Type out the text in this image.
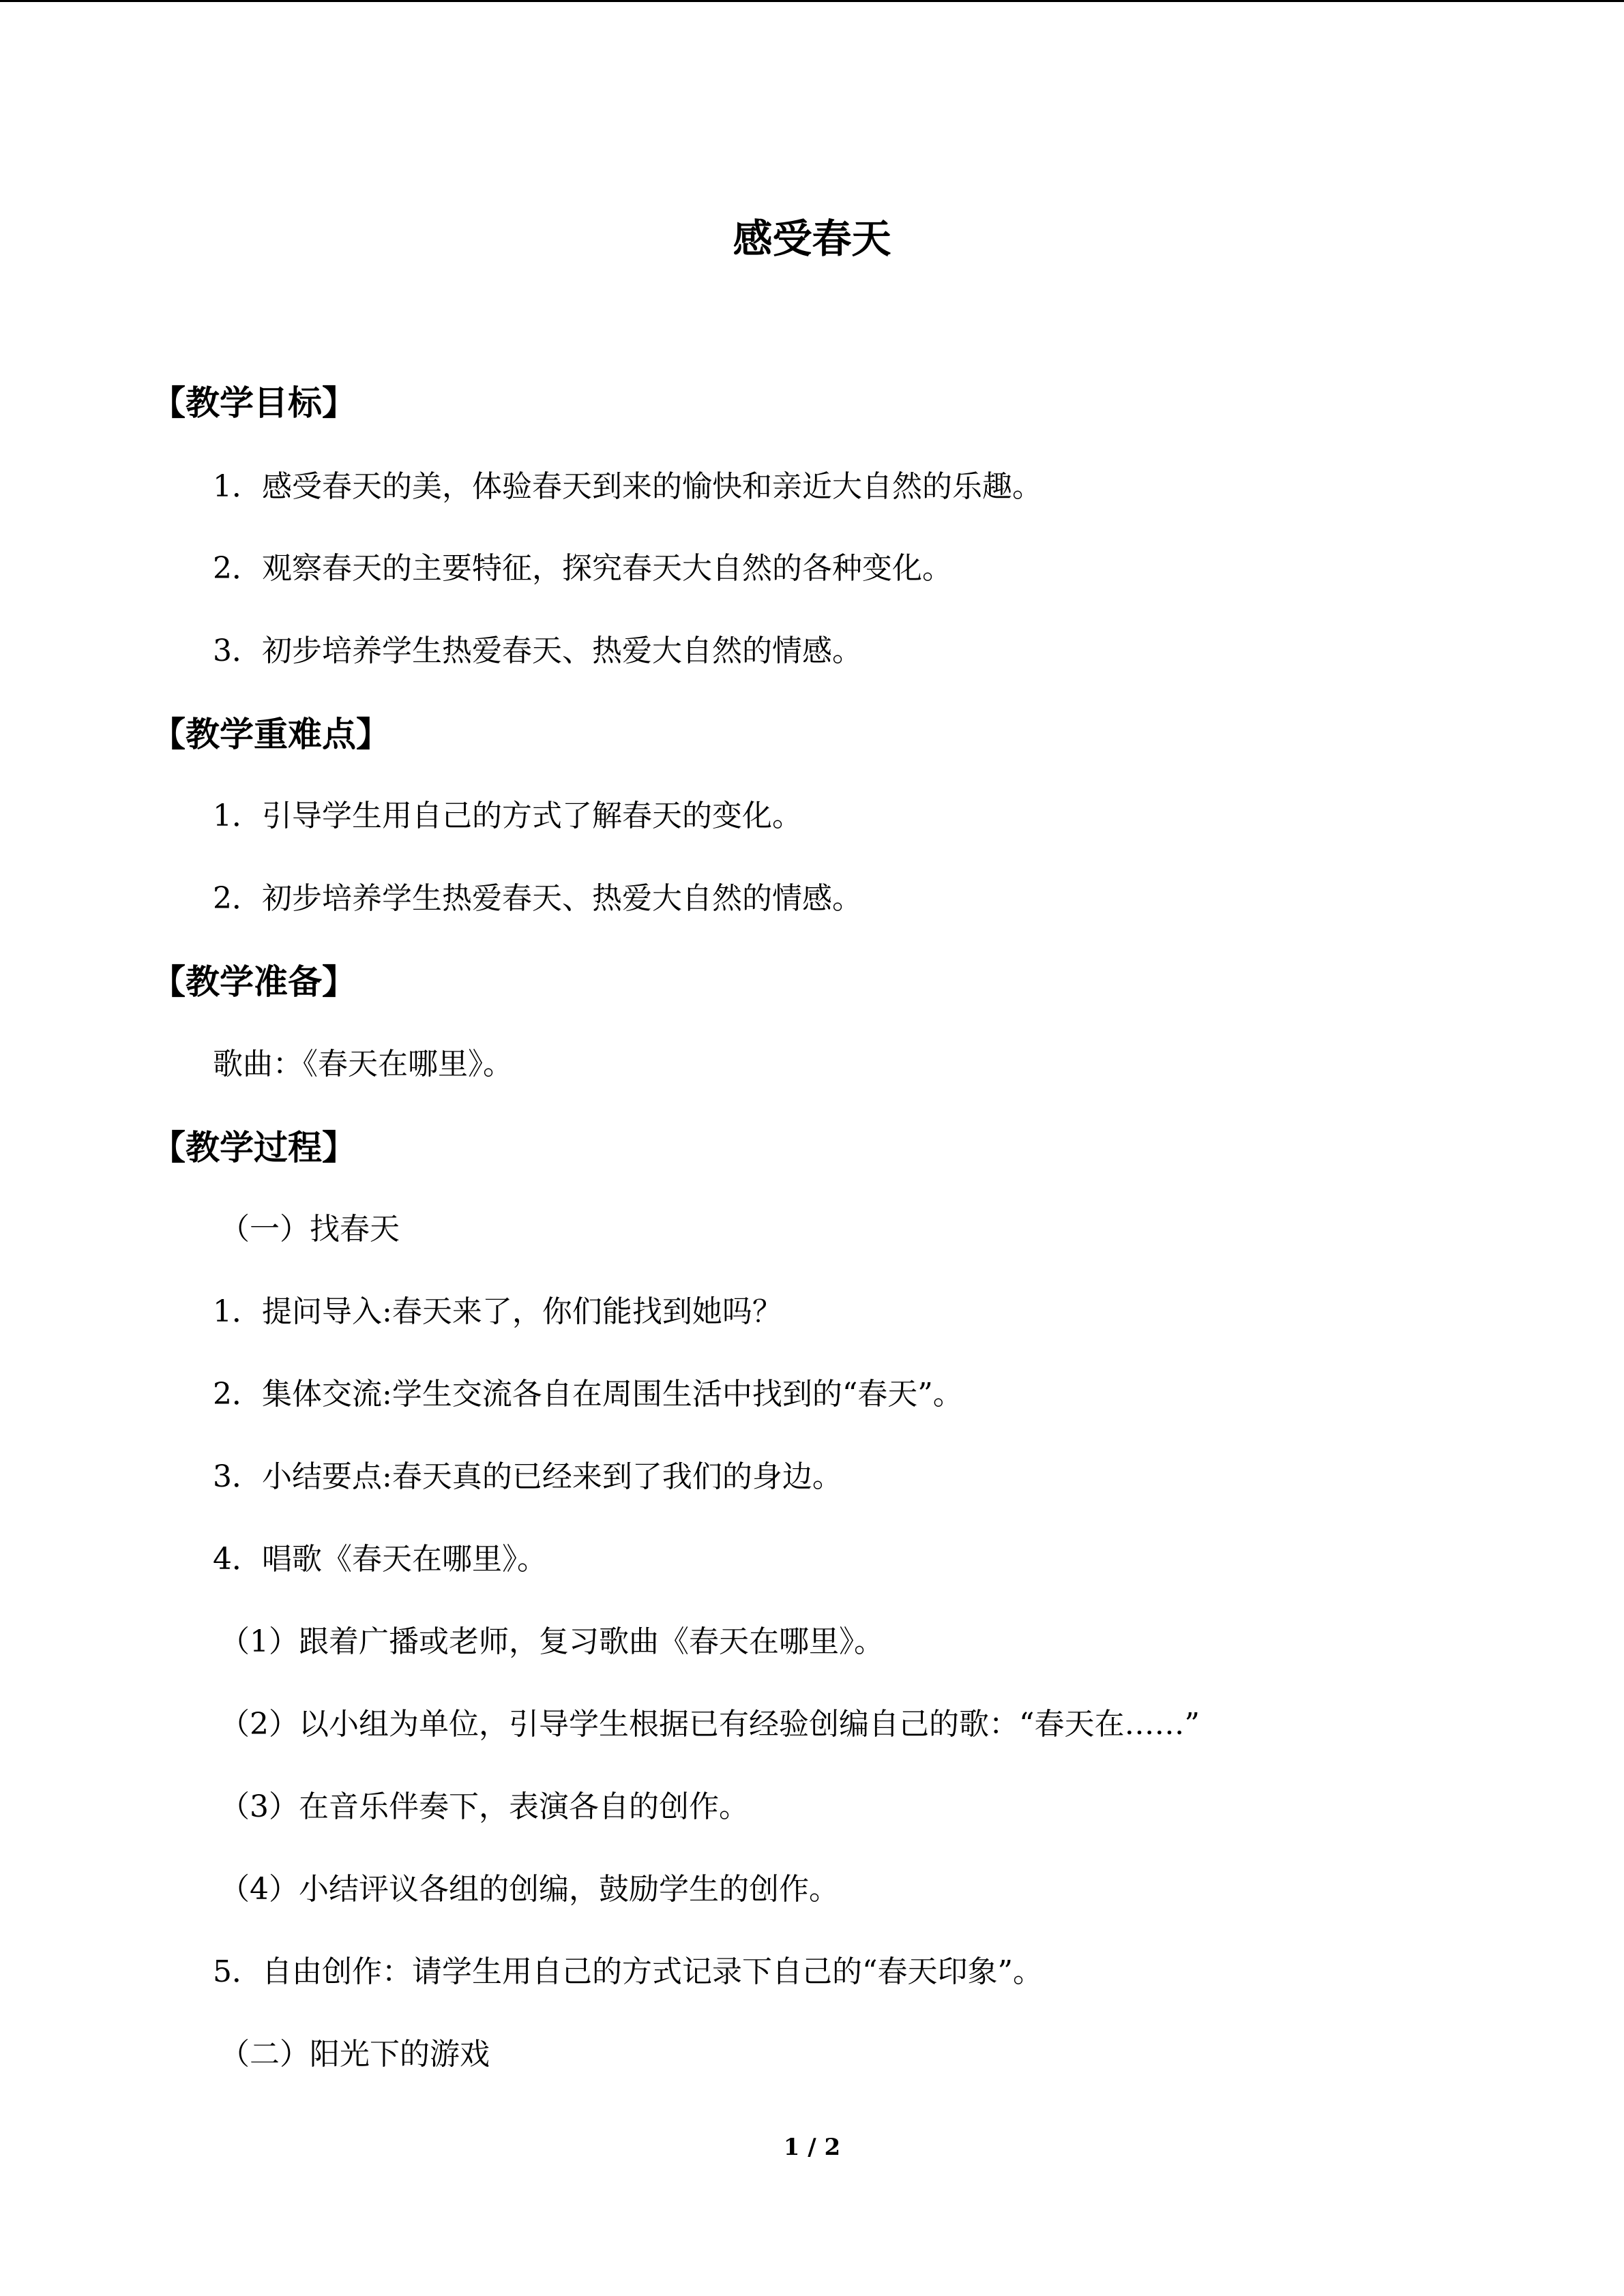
感受春天
【教学目标】
1．感受春天的美，体验春天到来的愉快和亲近大自然的乐趣。
2．观察春天的主要特征，探究春天大自然的各种变化。
3．初步培养学生热爱春天、热爱大自然的情感。
【教学重难点】
1．引导学生用自己的方式了解春天的变化。
2．初步培养学生热爱春天、热爱大自然的情感。
【教学准备】
歌曲：《春天在哪里》。
【教学过程】
（一）找春天
1．提问导入:春天来了，你们能找到她吗？
2．集体交流:学生交流各自在周围生活中找到的“春天”。
3．小结要点:春天真的已经来到了我们的身边。
4．唱歌《春天在哪里》。
（1）跟着广播或老师，复习歌曲《春天在哪里》。
（2）以小组为单位，引导学生根据已有经验创编自己的歌：“春天在……”
（3）在音乐伴奏下，表演各自的创作。
（4）小结评议各组的创编，鼓励学生的创作。
5．自由创作：请学生用自己的方式记录下自己的“春天印象”。
（二）阳光下的游戏
1 / 2
